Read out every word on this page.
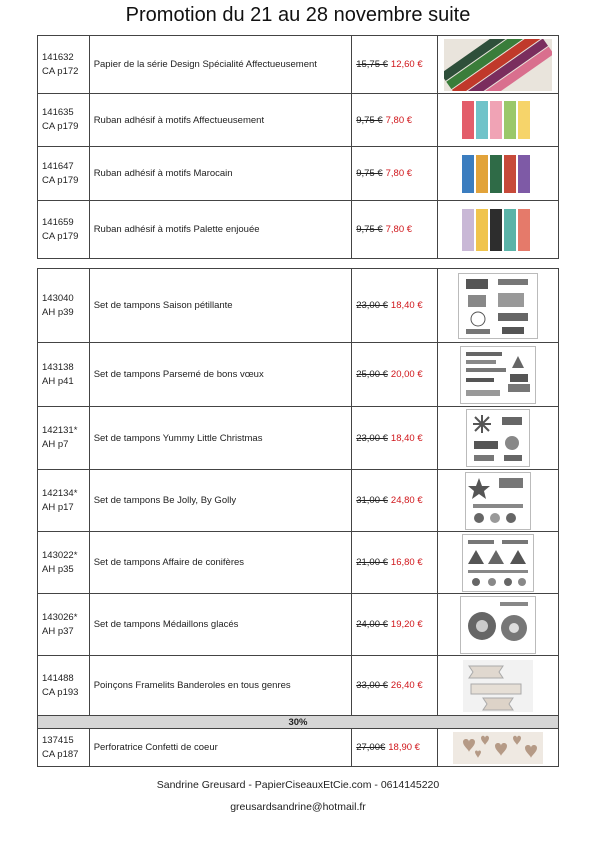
Promotion du 21 au 28 novembre suite
141632
CA p172	Papier de la série Design Spécialité Affectueusement	15,75 € 12,60 €	
141635
CA p179	Ruban adhésif à motifs Affectueusement	9,75 € 7,80 €	
141647
CA p179	Ruban adhésif à motifs Marocain	9,75 € 7,80 €	
141659
CA p179	Ruban adhésif à motifs Palette enjouée	9,75 € 7,80 €	
143040
AH p39	Set de tampons Saison pétillante	23,00 € 18,40 €	
143138
AH p41	Set de tampons Parsemé de bons vœux	25,00 € 20,00 €	
142131*
AH p7	Set de tampons Yummy Little Christmas	23,00 € 18,40 €	
142134*
AH p17	Set de tampons Be Jolly, By Golly	31,00 € 24,80 €	
143022*
AH p35	Set de tampons Affaire de conifères	21,00 € 16,80 €	
143026*
AH p37	Set de tampons Médaillons glacés	24,00 € 19,20 €	
141488
CA p193	Poinçons Framelits Banderoles en tous genres	33,00 € 26,40 €	
30%			
137415
CA p187	Perforatrice Confetti de coeur	27,00€ 18,90 €	
Sandrine Greusard - PapierCiseauxEtCie.com - 0614145220
greusardsandrine@hotmail.fr
